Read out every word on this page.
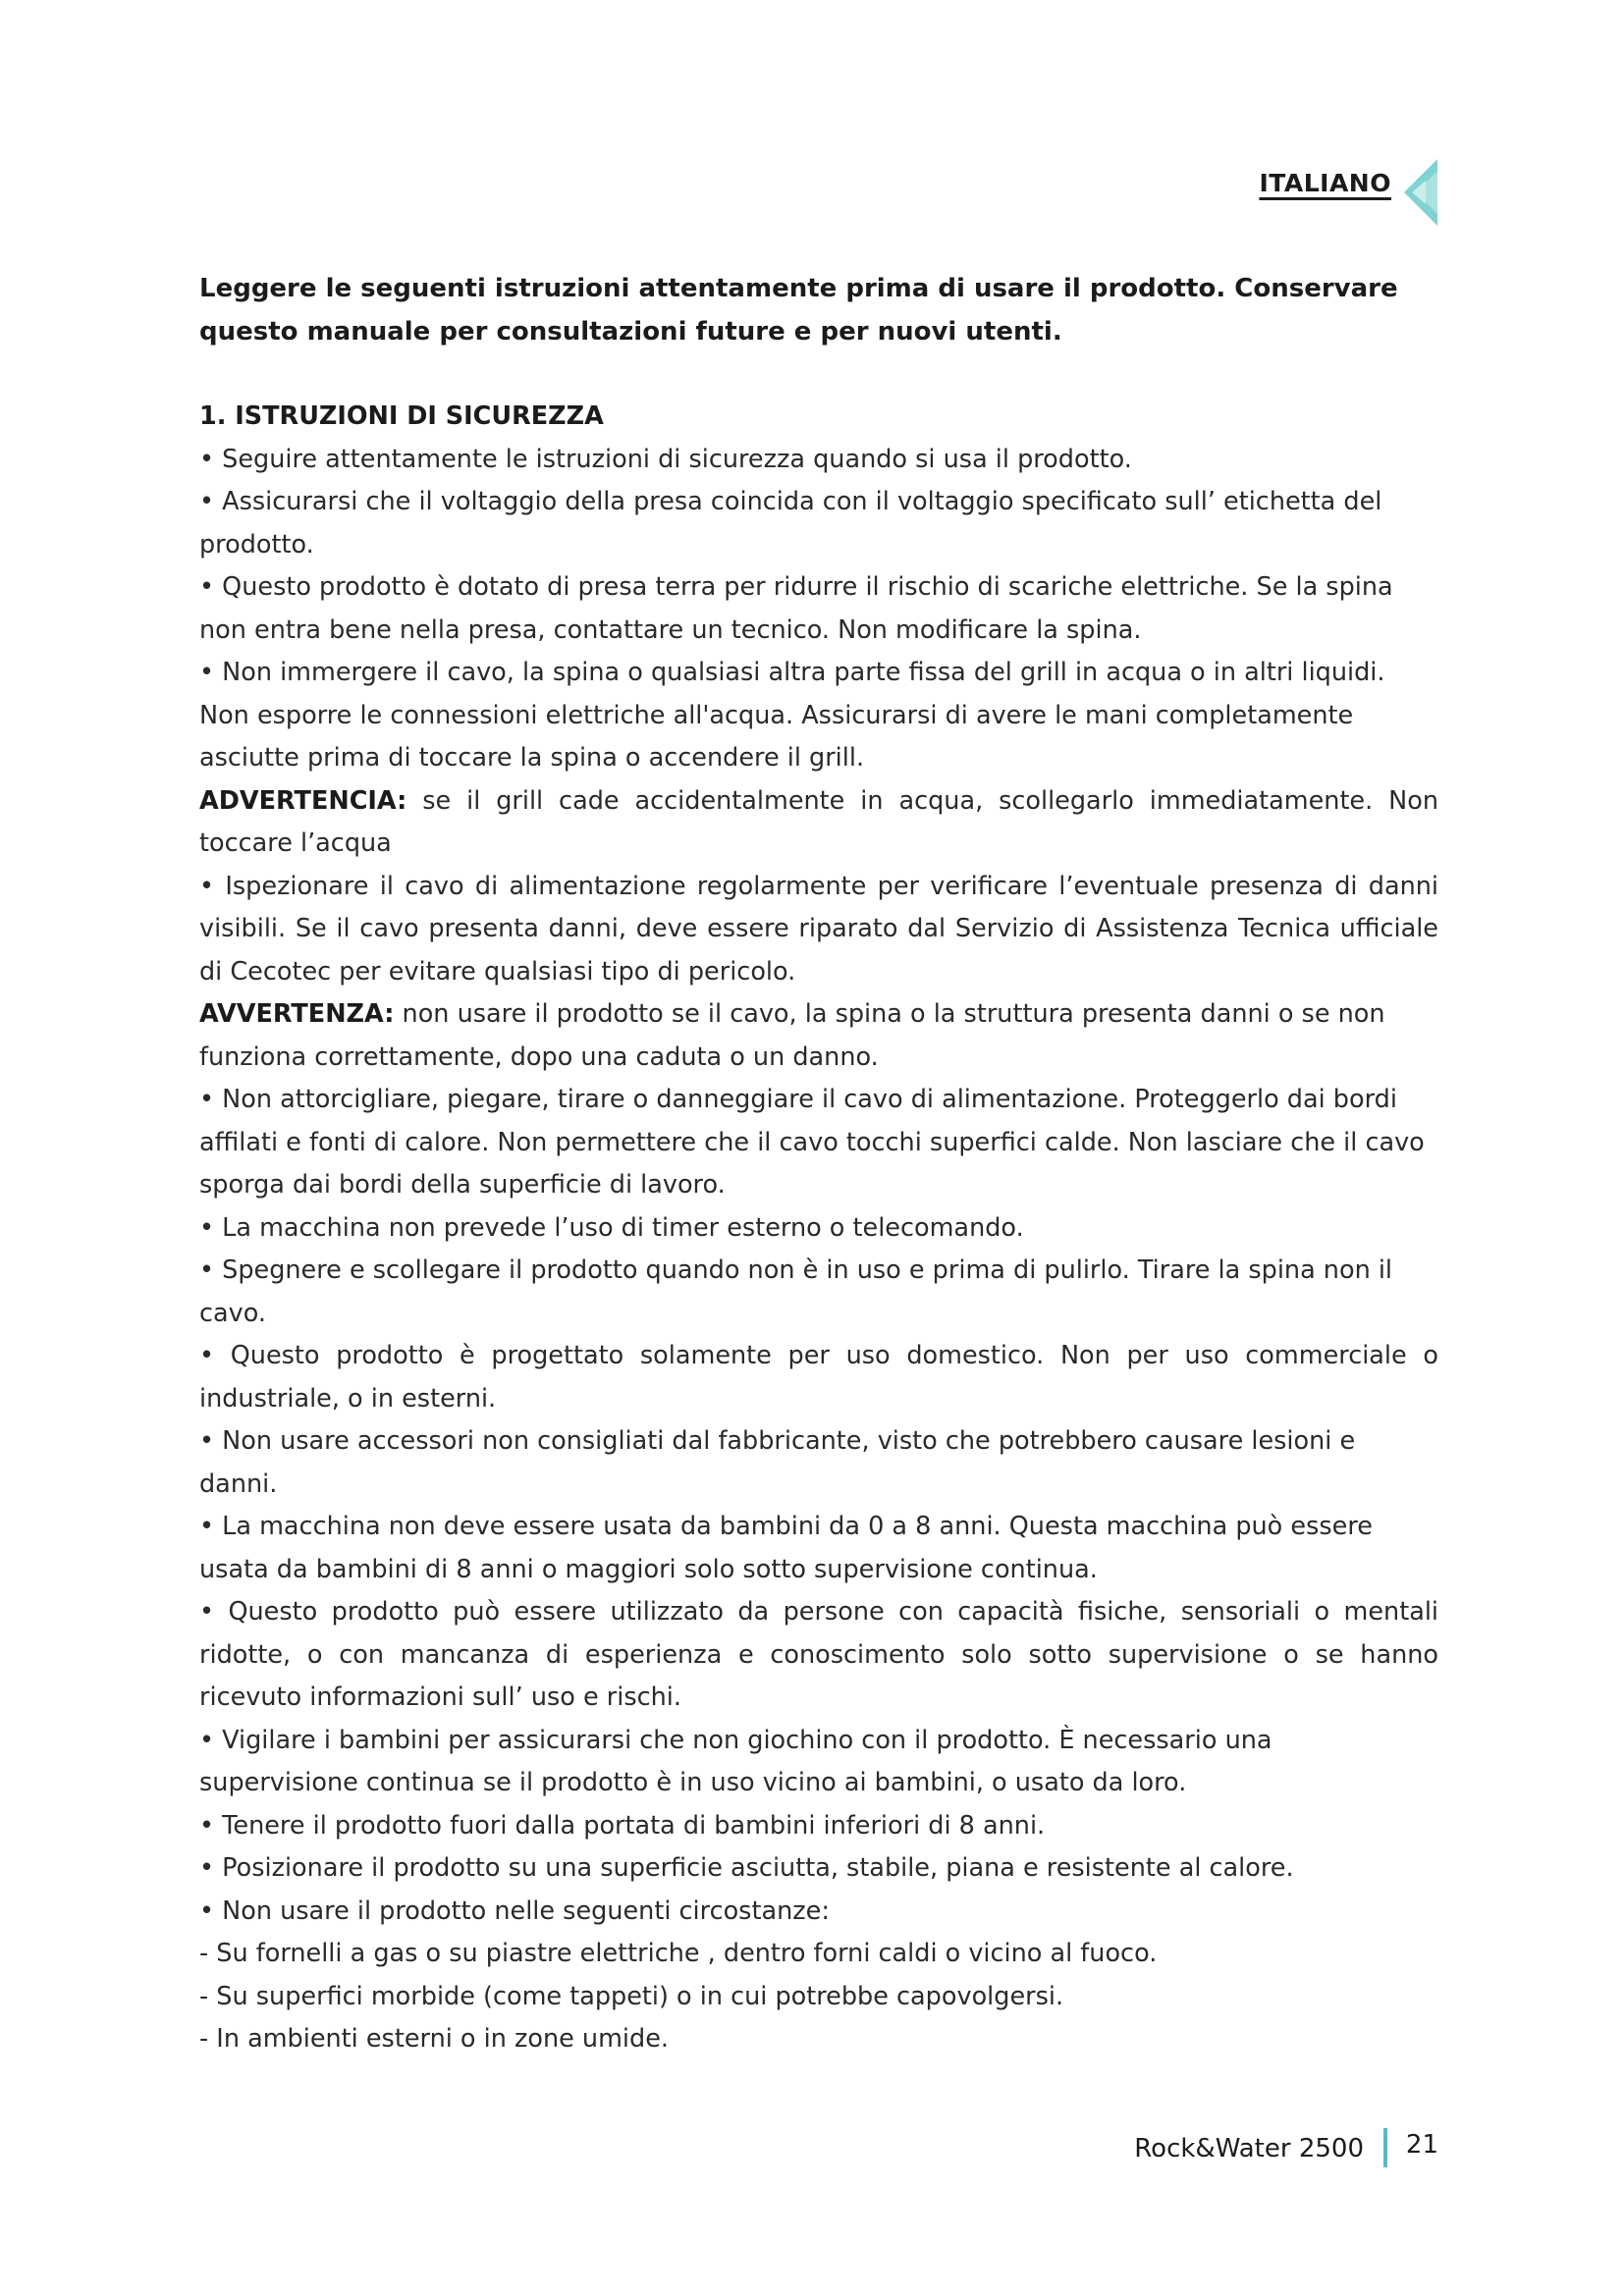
ITALIANO
Leggere le seguenti istruzioni attentamente prima di usare il prodotto. Conservare questo manuale per consultazioni future e per nuovi utenti.

1. ISTRUZIONI DI SICUREZZA

• Seguire attentamente le istruzioni di sicurezza quando si usa il prodotto.

• Assicurarsi che il voltaggio della presa coincida con il voltaggio specificato sull’ etichetta del prodotto.

• Questo prodotto è dotato di presa terra per ridurre il rischio di scariche elettriche. Se la spina non entra bene nella presa, contattare un tecnico. Non modificare la spina.

• Non immergere il cavo, la spina o qualsiasi altra parte fissa del grill in acqua o in altri liquidi. Non esporre le connessioni elettriche all'acqua. Assicurarsi di avere le mani completamente asciutte prima di toccare la spina o accendere il grill.

ADVERTENCIA: se il grill cade accidentalmente in acqua, scollegarlo immediatamente. Non toccare l’acqua

• Ispezionare il cavo di alimentazione regolarmente per verificare l’eventuale presenza di danni visibili. Se il cavo presenta danni, deve essere riparato dal Servizio di Assistenza Tecnica ufficiale di Cecotec per evitare qualsiasi tipo di pericolo.

AVVERTENZA: non usare il prodotto se il cavo, la spina o la struttura presenta danni o se non funziona correttamente, dopo una caduta o un danno.

• Non attorcigliare, piegare, tirare o danneggiare il cavo di alimentazione. Proteggerlo dai bordi affilati e fonti di calore. Non permettere che il cavo tocchi superfici calde. Non lasciare che il cavo sporga dai bordi della superficie di lavoro.

• La macchina non prevede l’uso di timer esterno o telecomando.

• Spegnere e scollegare il prodotto quando non è in uso e prima di pulirlo. Tirare la spina non il cavo.

• Questo prodotto è progettato solamente per uso domestico. Non per uso commerciale o industriale, o in esterni.

• Non usare accessori non consigliati dal fabbricante, visto che potrebbero causare lesioni e danni.

• La macchina non deve essere usata da bambini da 0 a 8 anni. Questa macchina può essere usata da bambini di 8 anni o maggiori solo sotto supervisione continua.

• Questo prodotto può essere utilizzato da persone con capacità fisiche, sensoriali o mentali ridotte, o con mancanza di esperienza e conoscimento solo sotto supervisione o se hanno ricevuto informazioni sull’ uso e rischi.

• Vigilare i bambini per assicurarsi che non giochino con il prodotto. È necessario una supervisione continua se il prodotto è in uso vicino ai bambini, o usato da loro.

• Tenere il prodotto fuori dalla portata di bambini inferiori di 8 anni.

• Posizionare il prodotto su una superficie asciutta, stabile, piana e resistente al calore.

• Non usare il prodotto nelle seguenti circostanze:

- Su fornelli a gas o su piastre elettriche , dentro forni caldi o vicino al fuoco.

- Su superfici morbide (come tappeti) o in cui potrebbe capovolgersi.

- In ambienti esterni o in zone umide.

Rock&Water 2500 21
